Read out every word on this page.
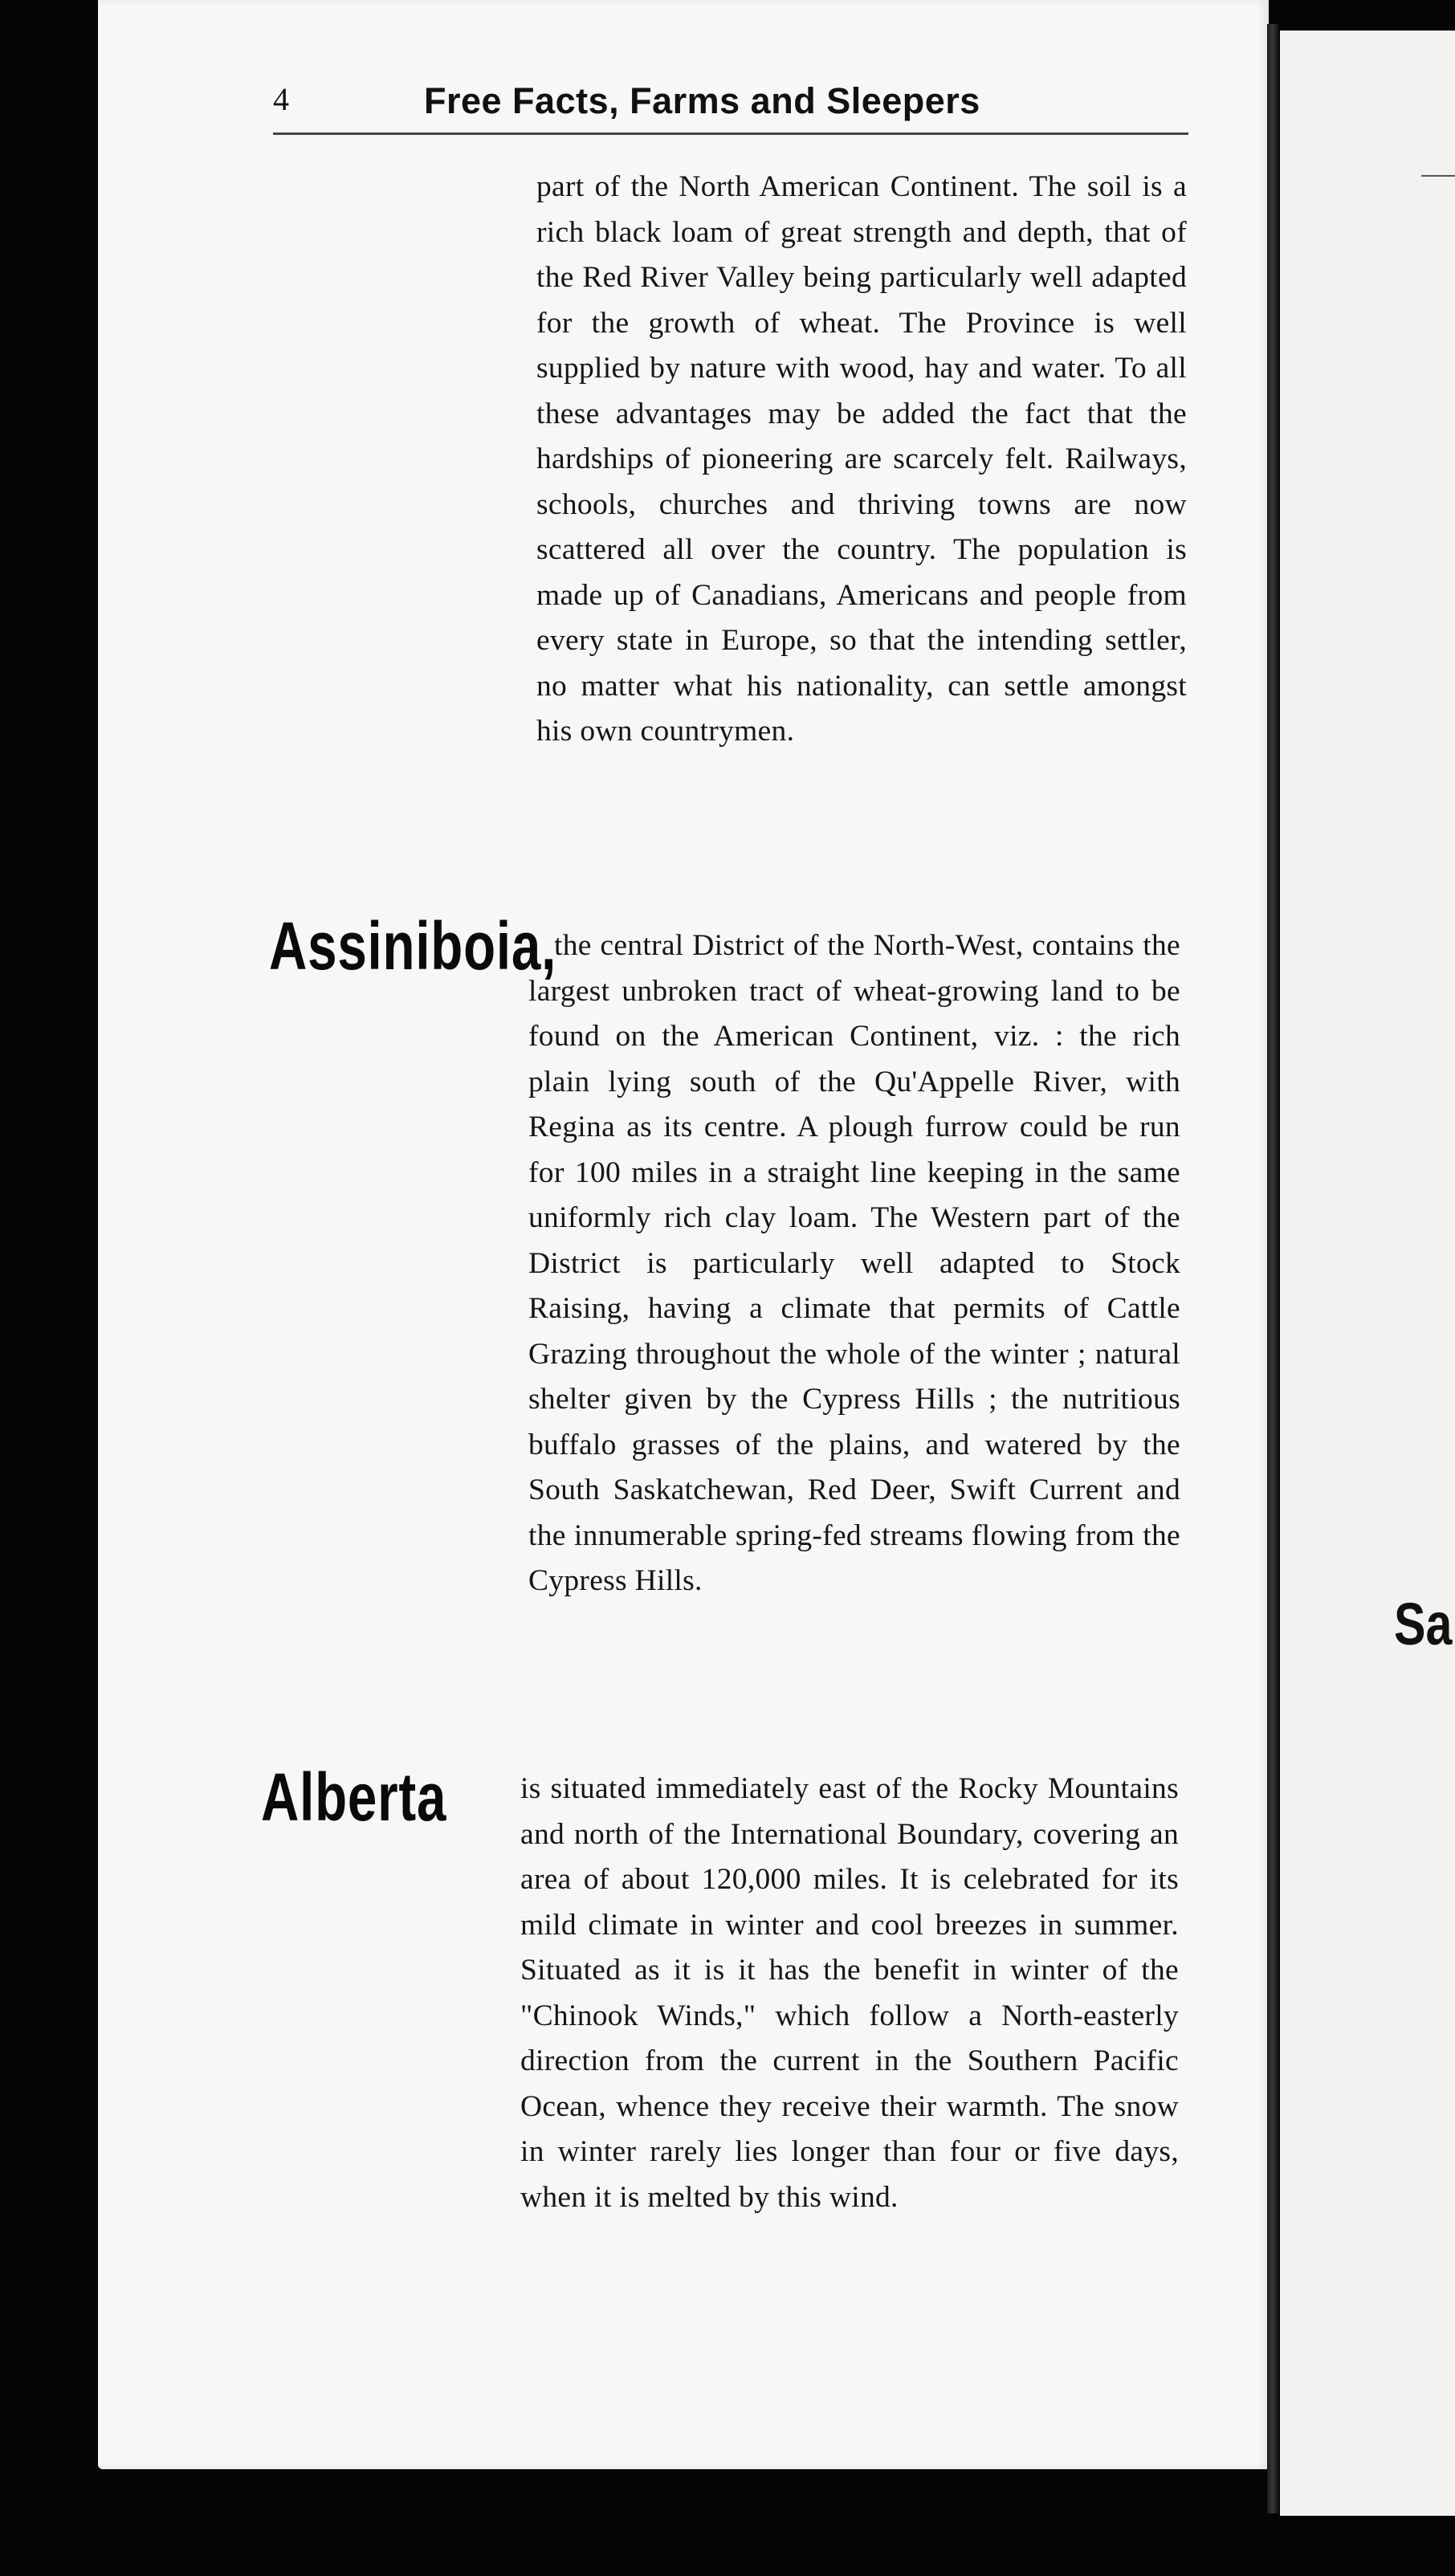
Sa
4	Free Facts, Farms and Sleepers

part of the North American Continent. The soil is a rich black loam of great strength and depth, that of the Red River Valley being particularly well adapted for the growth of wheat. The Province is well supplied by nature with wood, hay and water. To all these advantages may be added the fact that the hardships of pioneering are scarcely felt. Railways, schools, churches and thriving towns are now scattered all over the country. The population is made up of Canadians, Americans and people from every state in Europe, so that the intending settler, no matter what his nationality, can settle amongst his own countrymen.

Assiniboia,

the central District of the North-West, contains the largest unbroken tract of wheat-growing land to be found on the American Continent, viz. : the rich plain lying south of the Qu'Appelle River, with Regina as its centre. A plough furrow could be run for 100 miles in a straight line keeping in the same uniformly rich clay loam. The Western part of the District is particularly well adapted to Stock Raising, having a climate that permits of Cattle Grazing throughout the whole of the winter ; natural shelter given by the Cypress Hills ; the nutritious buffalo grasses of the plains, and watered by the South Saskatchewan, Red Deer, Swift Current and the innumerable spring-fed streams flowing from the Cypress Hills.

Alberta is situated immediately east of the Rocky Mountains and north of the International Boundary, covering an area of about 120,000 miles. It is celebrated for its mild climate in winter and cool breezes in summer. Situated as it is it has the benefit in winter of the "Chinook Winds," which follow a North-easterly direction from the current in the Southern Pacific Ocean, whence they receive their warmth. The snow in winter rarely lies longer than four or five days, when it is melted by this wind.
